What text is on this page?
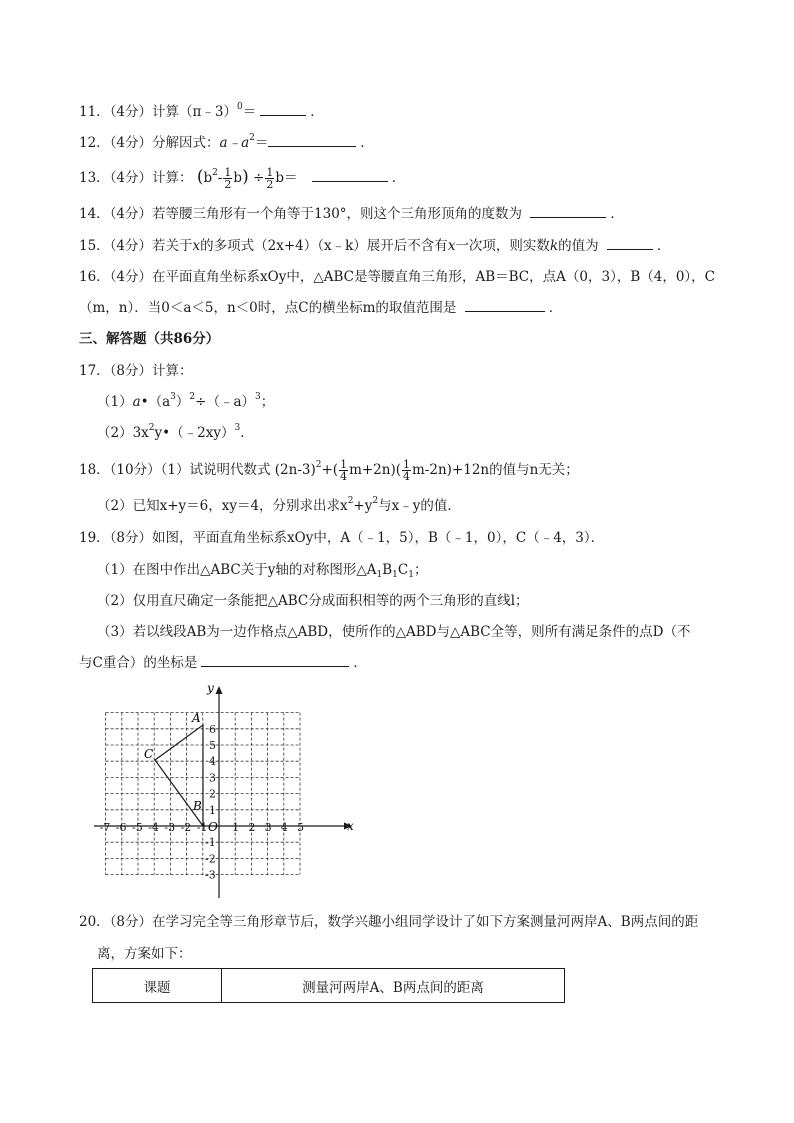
11．（4分）计算（π﹣3）$^0$＝	．
12．（4分）分解因式：$a﹣a^2=$	．
13．（4分）计算： $(b^2- \frac{1}{2} b) \div \frac{1}{2} b=$	．
14．（4分）若等腰三角形有一个角等于130°，则这个三角形顶角的度数为	．
15．（4分）若关于x的多项式（2x+4）（x﹣k）展开后不含有x一次项，则实数k的值为	．
16．（4分）在平面直角坐标系xOy中，△ABC是等腰直角三角形，AB＝BC，点A（0，3），B（4，0），C
（m，n）．当0＜a＜5，n＜0时，点C的横坐标m的取值范围是	．
三、解答题（共86分）
17．（8分）计算：
$(1)a•(a^3)^2\div(﹣a)^3$；
$(2)3x^2y•(﹣2xy)^3$．
18．（10分）（1）试说明代数式 $(2n-3)^2+( \frac{1}{4} m+2n)( \frac{1}{4} m-2n)+12n$的值与n无关；
（2）已知x+y＝6，xy＝4，分别求出求$x^2+y^2$与x﹣y的值．
19．（8分）如图，平面直角坐标系xOy中，A（﹣1，5），B（﹣1，0），C（﹣4，3）．
（1）在图中作出△ABC关于y轴的对称图形$\triangle A_1B_1C_1$；
（2）仅用直尺确定一条能把△ABC分成面积相等的两个三角形的直线l；
（3）若以线段AB为一边作格点△ABD，使所作的△ABD与△ABC全等，则所有满足条件的点D（不
与C重合）的坐标是	．
-7 -6 -5 -4 -3 -2 -1 1 2 3 4 5
6
5
4
3
2
1
-1
-2
-3
x
y
O
A
B
C
20．（8分）在学习完全等三角形章节后，数学兴趣小组同学设计了如下方案测量河两岸A、B两点间的距
离，方案如下：
课题	测量河两岸A、B两点间的距离
